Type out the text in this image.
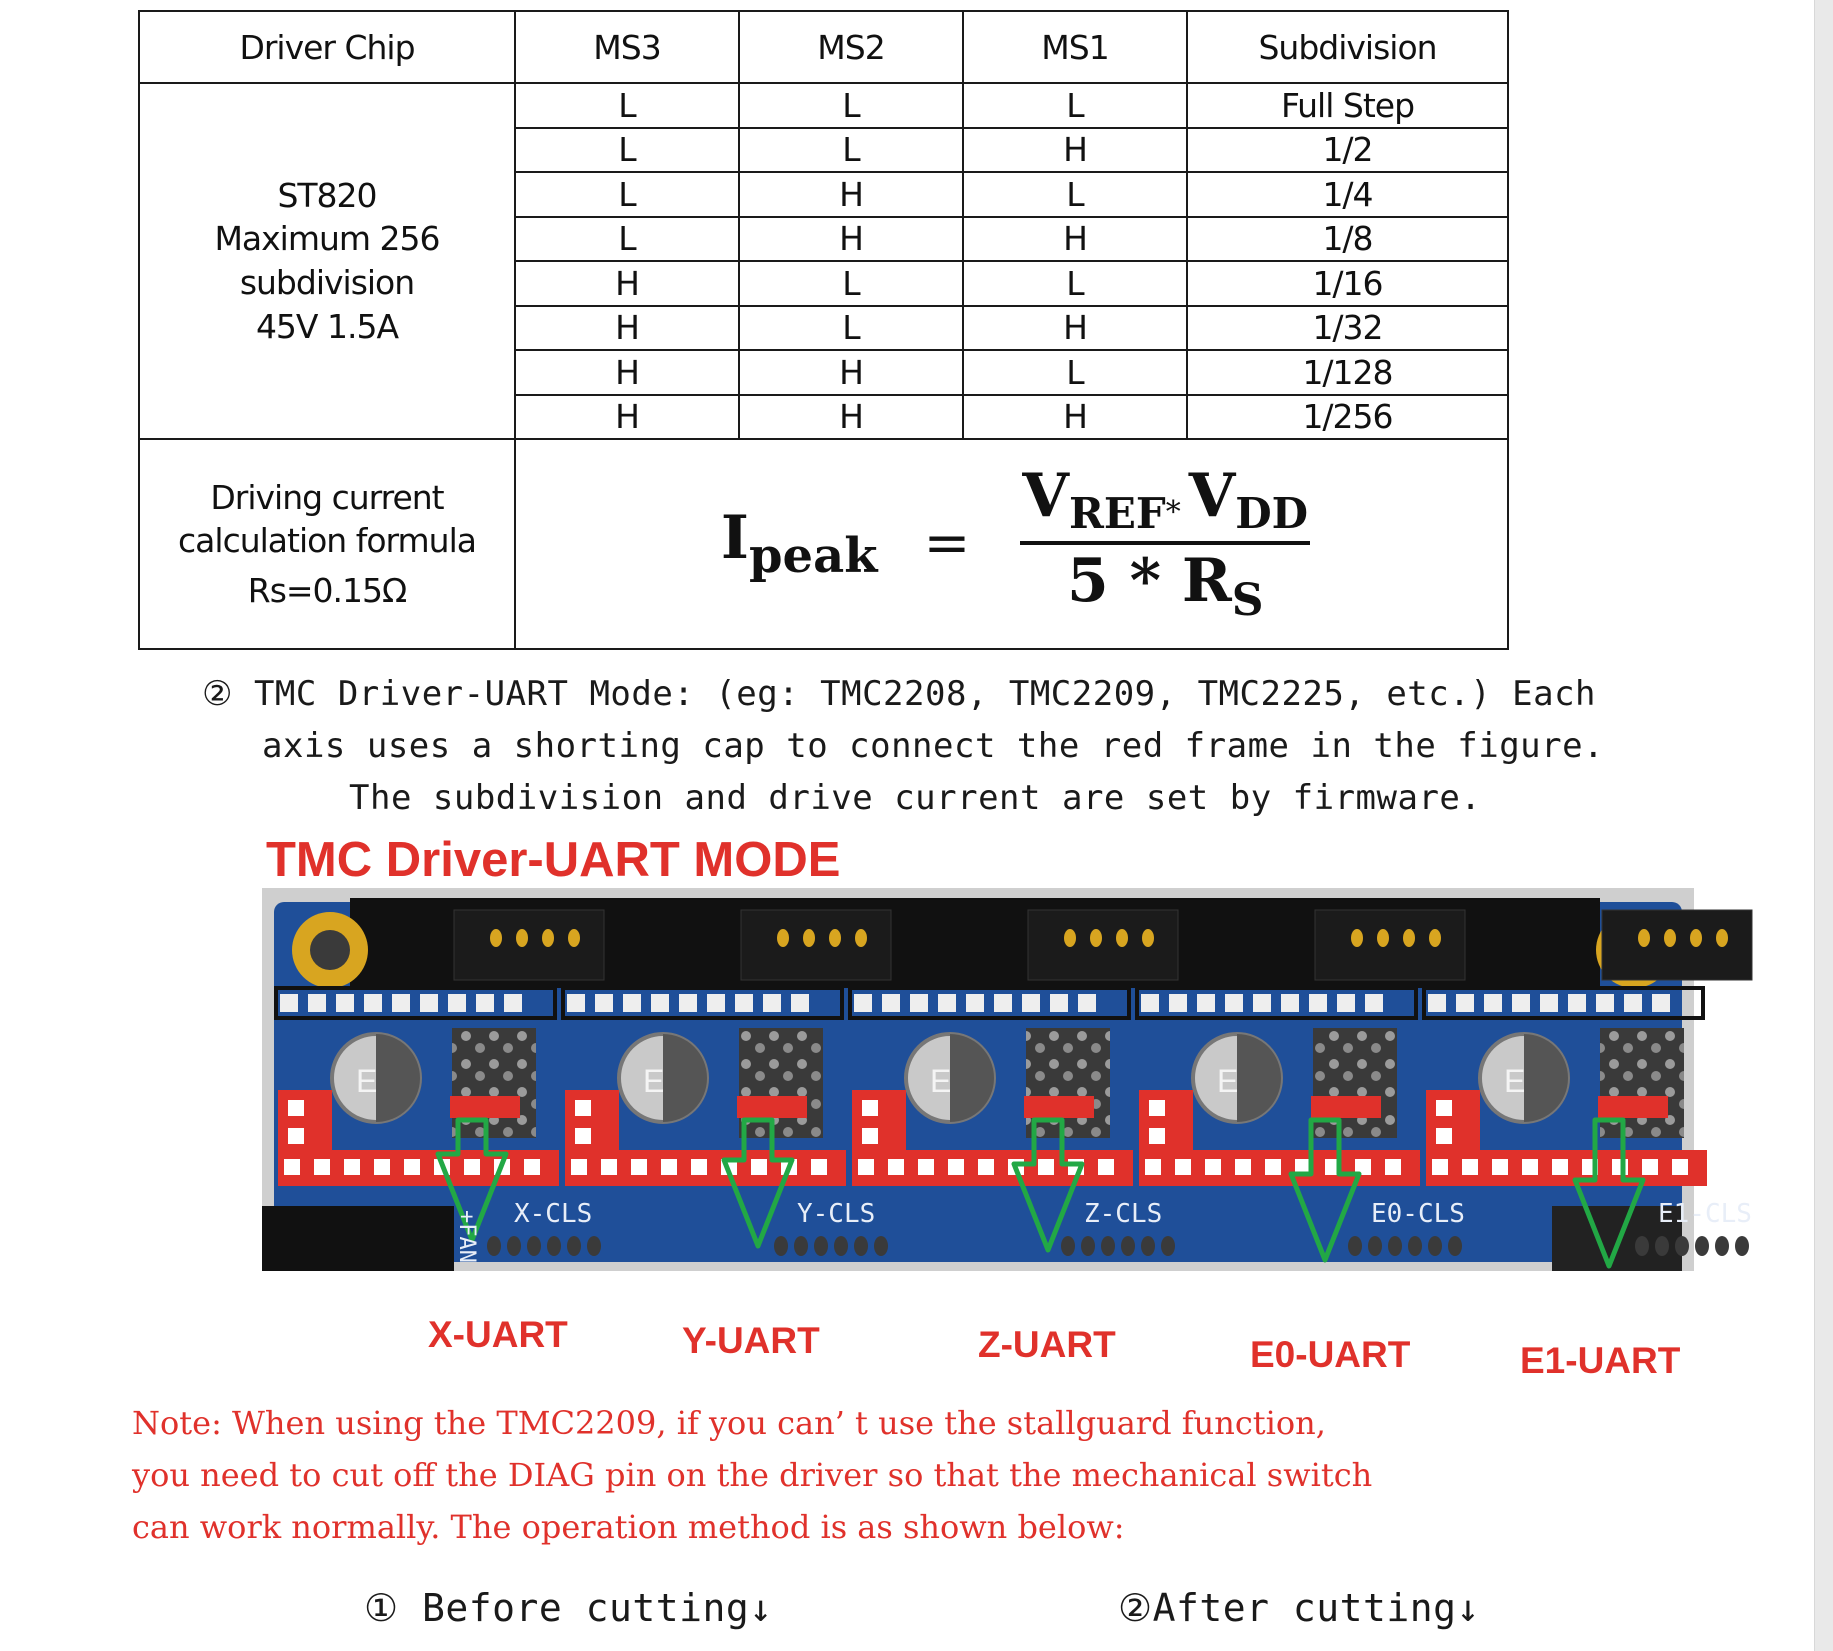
Driver Chip	MS3	MS2	MS1	Subdivision

ST820
Maximum 256
subdivision
45V 1.5A	L	L	L	Full Step
	L	L	H	1/2
	L	H	L	1/4
	L	H	H	1/8
	H	L	L	1/16
	H	L	H	1/32
	H	H	L	1/128
	H	H	H	1/256

Driving current
calculation formula
Rs=0.15Ω	$I_{peak} = \frac{V_{REF}* V_{DD}}{5 * R_S}$
② TMC Driver-UART Mode: (eg: TMC2208, TMC2209, TMC2225, etc.) Each
axis uses a shorting cap to connect the red frame in the figure.
The subdivision and drive current are set by firmware.
TMC Driver-UART MODE
E
X-CLS
E
Y-CLS
E
Z-CLS
E
E0-CLS
E
E1-CLS
+FAN
X-UART	Y-UART	Z-UART	E0-UART	E1-UART
Note: When using the TMC2209, if you can’ t use the stallguard function,
you need to cut off the DIAG pin on the driver so that the mechanical switch
can work normally. The operation method is as shown below:
① Before cutting↓	②After cutting↓
